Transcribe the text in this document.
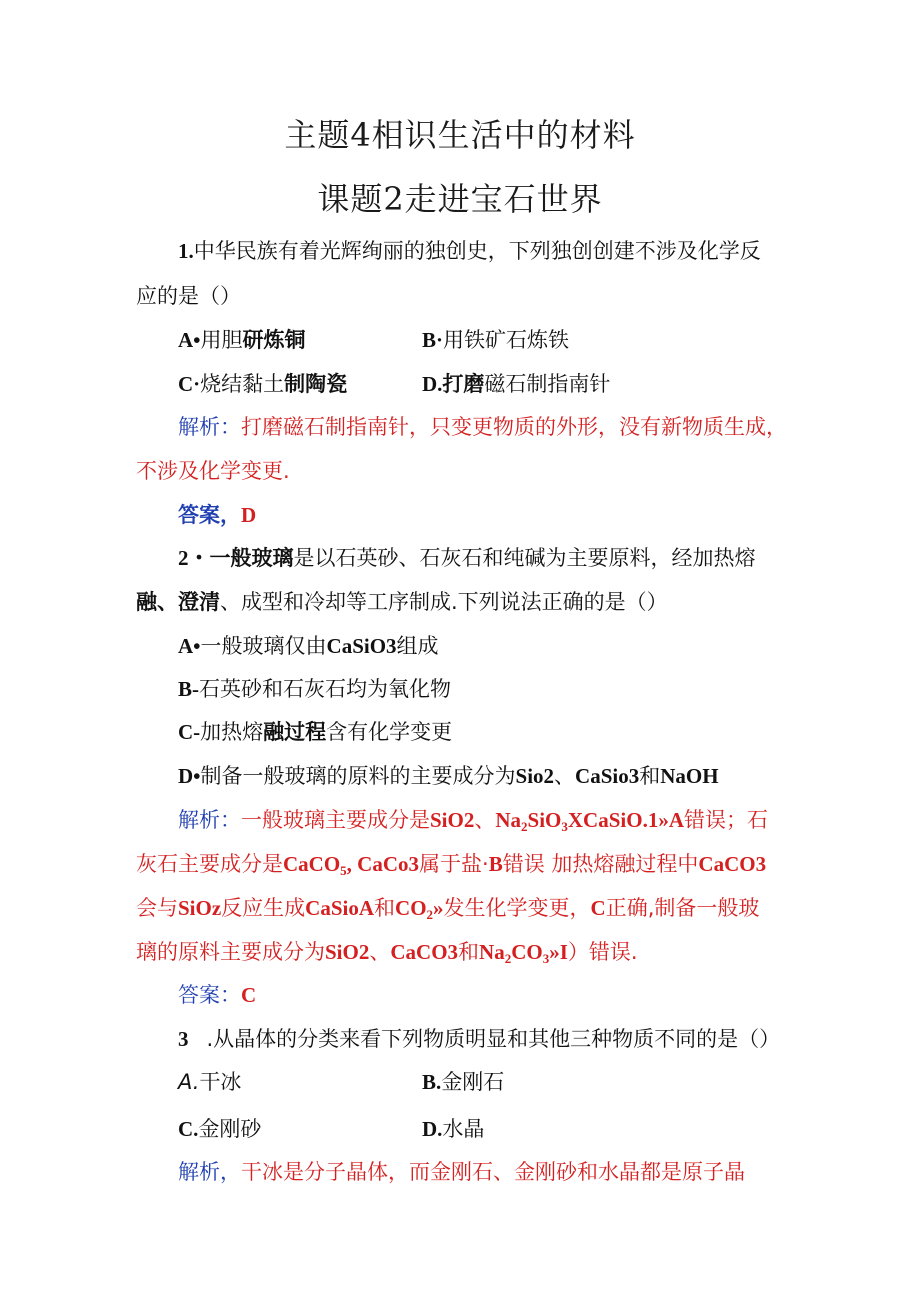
主题4相识生活中的材料
课题2走进宝石世界
1.中华民族有着光辉绚丽的独创史，下列独创创建不涉及化学反
应的是（）
A•用胆研炼铜	B·用铁矿石炼铁
C·烧结黏土制陶瓷	D.打磨磁石制指南针
解析：打磨磁石制指南针，只变更物质的外形，没有新物质生成，
不涉及化学变更.
答案，D
2・一般玻璃是以石英砂、石灰石和纯碱为主要原料，经加热熔
融、澄清、成型和冷却等工序制成.下列说法正确的是（）
A•一般玻璃仅由CaSiO3组成
B-石英砂和石灰石均为氧化物
C-加热熔融过程含有化学变更
D•制备一般玻璃的原料的主要成分为Sio2、CaSio3和NaOH
解析：一般玻璃主要成分是SiO2、$Na_2SiO_3XCaSiO.1»A$错误；石
灰石主要成分是CaCO$_5$, CaCo3属于盐·B错误 加热熔融过程中CaCO3
会与SiOz反应生成CaSioA和$CO_2$»发生化学变更，C正确,制备一般玻
璃的原料主要成分为SiO2、CaCO3和$Na_2CO_3»I$）错误.
答案：C
3 .从晶体的分类来看下列物质明显和其他三种物质不同的是（）
A.干冰	B.金刚石
C.金刚砂	D.水晶
解析，干冰是分子晶体，而金刚石、金刚砂和水晶都是原子晶
